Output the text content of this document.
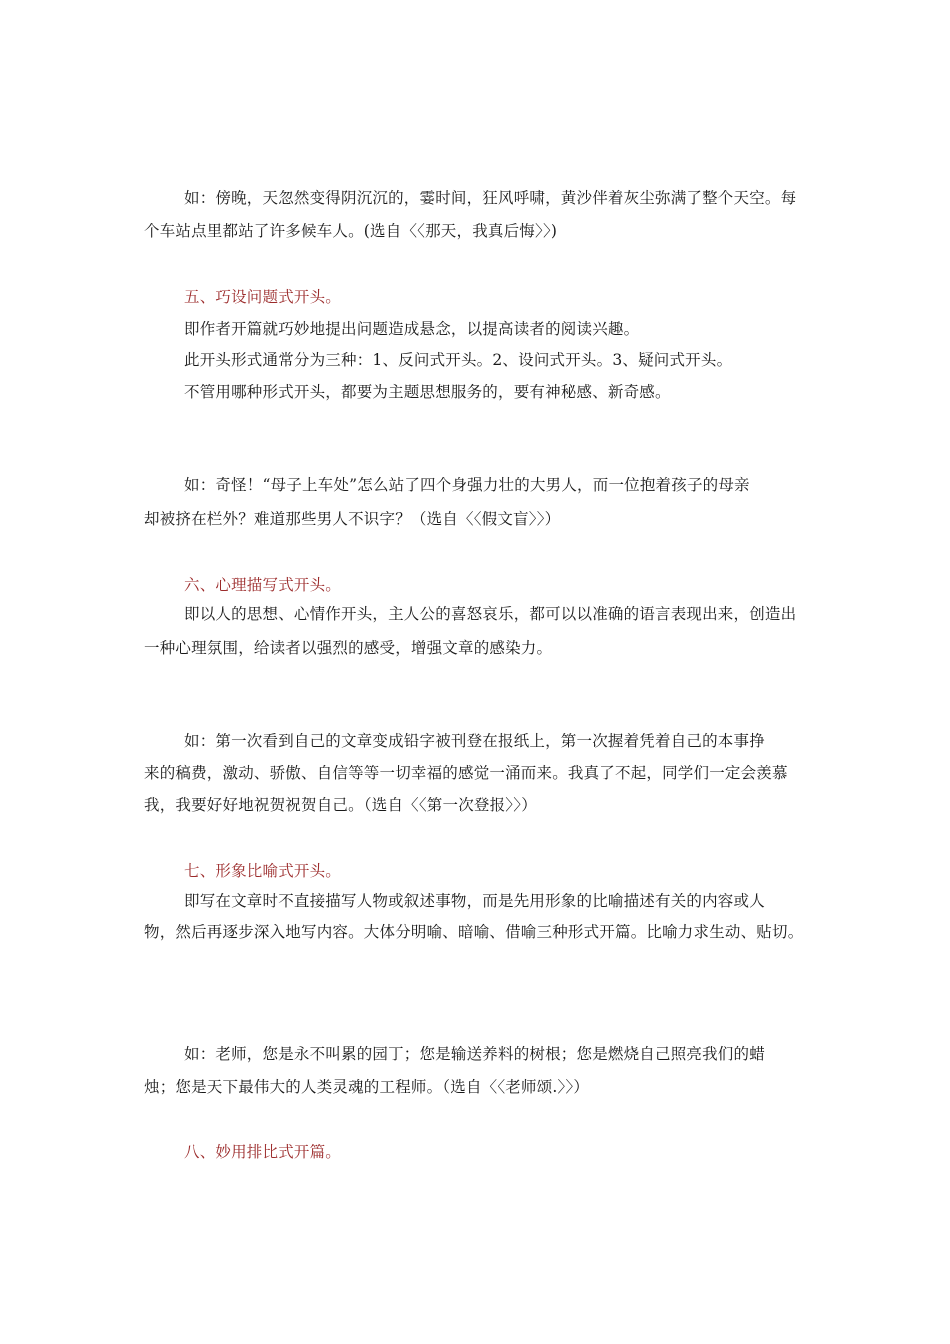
如：傍晚，天忽然变得阴沉沉的，霎时间，狂风呼啸，黄沙伴着灰尘弥满了整个天空。每
个车站点里都站了许多候车人。(选自〈〈那天，我真后悔〉〉)
五、巧设问题式开头。
即作者开篇就巧妙地提出问题造成悬念，以提高读者的阅读兴趣。
此开头形式通常分为三种：1、反问式开头。2、设问式开头。3、疑问式开头。
不管用哪种形式开头，都要为主题思想服务的，要有神秘感、新奇感。
如：奇怪！“母子上车处”怎么站了四个身强力壮的大男人，而一位抱着孩子的母亲
却被挤在栏外？难道那些男人不识字？（选自〈〈假文盲〉〉）
六、心理描写式开头。
即以人的思想、心情作开头，主人公的喜怒哀乐，都可以以准确的语言表现出来，创造出
一种心理氛围，给读者以强烈的感受，增强文章的感染力。
如：第一次看到自己的文章变成铅字被刊登在报纸上，第一次握着凭着自己的本事挣
来的稿费，激动、骄傲、自信等等一切幸福的感觉一涌而来。我真了不起，同学们一定会羡慕
我，我要好好地祝贺祝贺自己。（选自〈〈第一次登报〉〉）
七、形象比喻式开头。
即写在文章时不直接描写人物或叙述事物，而是先用形象的比喻描述有关的内容或人
物，然后再逐步深入地写内容。大体分明喻、暗喻、借喻三种形式开篇。比喻力求生动、贴切。
如：老师，您是永不叫累的园丁；您是输送养料的树根；您是燃烧自己照亮我们的蜡
烛；您是天下最伟大的人类灵魂的工程师。（选自〈〈老师颂.〉〉）
八、妙用排比式开篇。
